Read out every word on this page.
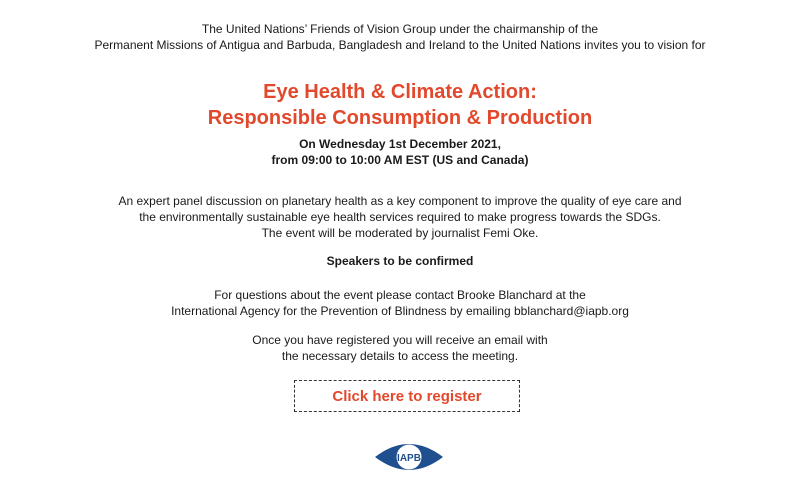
The United Nations’ Friends of Vision Group under the chairmanship of the
Permanent Missions of Antigua and Barbuda, Bangladesh and Ireland to the United Nations invites you to vision for
Eye Health & Climate Action:
Responsible Consumption & Production
On Wednesday 1st December 2021,
from 09:00 to 10:00 AM EST (US and Canada)
An expert panel discussion on planetary health as a key component to improve the quality of eye care and
the environmentally sustainable eye health services required to make progress towards the SDGs.
The event will be moderated by journalist Femi Oke.
Speakers to be confirmed
For questions about the event please contact Brooke Blanchard at the
International Agency for the Prevention of Blindness by emailing bblanchard@iapb.org
Once you have registered you will receive an email with
the necessary details to access the meeting.
Click here to register
IAPB
